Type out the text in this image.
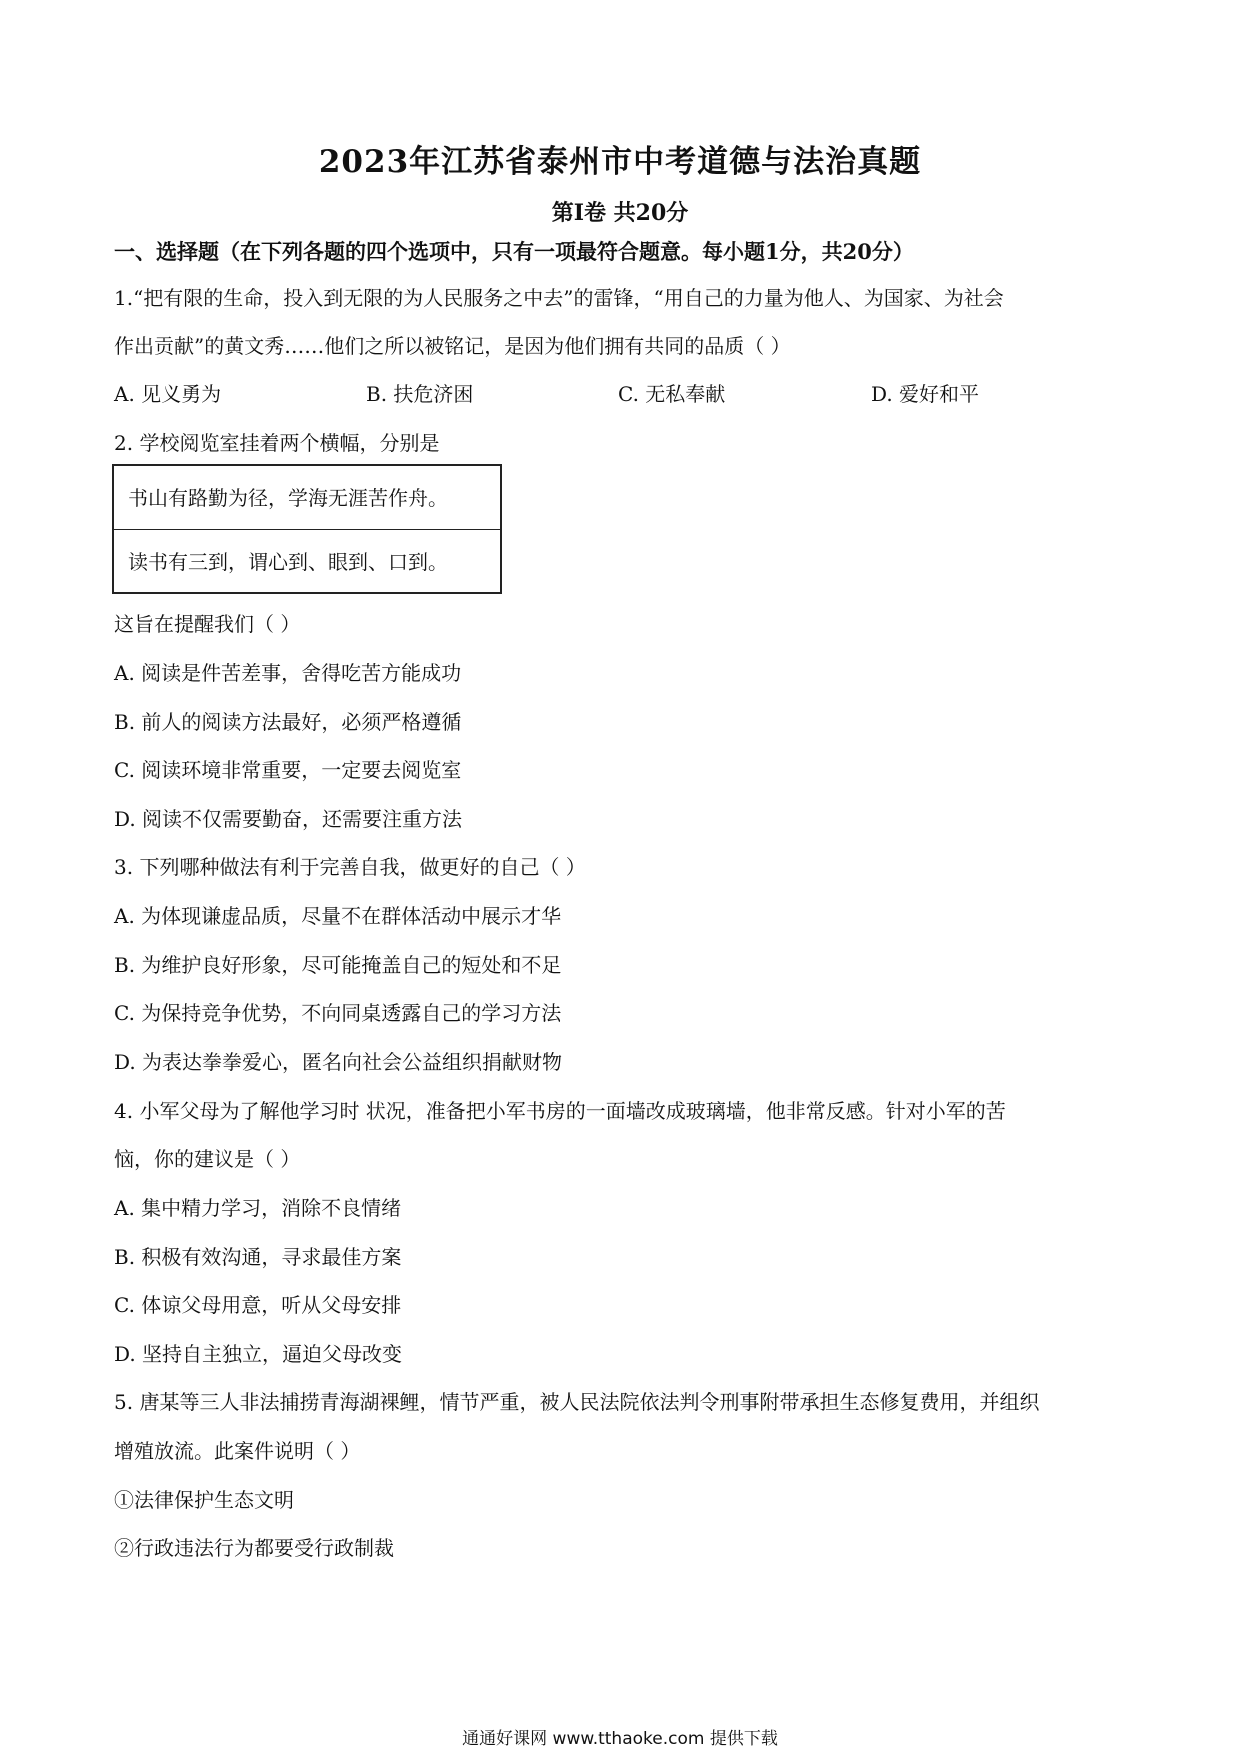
2023年江苏省泰州市中考道德与法治真题
第Ⅰ卷 共20分
一、选择题（在下列各题的四个选项中，只有一项最符合题意。每小题1分，共20分）
1.“把有限的生命，投入到无限的为人民服务之中去”的雷锋，“用自己的力量为他人、为国家、为社会
作出贡献”的黄文秀……他们之所以被铭记，是因为他们拥有共同的品质（ ）
A. 见义勇为	B. 扶危济困	C. 无私奉献	D. 爱好和平
2. 学校阅览室挂着两个横幅，分别是
书山有路勤为径，学海无涯苦作舟。
读书有三到，谓心到、眼到、口到。
这旨在提醒我们（ ）
A. 阅读是件苦差事，舍得吃苦方能成功
B. 前人的阅读方法最好，必须严格遵循
C. 阅读环境非常重要，一定要去阅览室
D. 阅读不仅需要勤奋，还需要注重方法
3. 下列哪种做法有利于完善自我，做更好的自己（ ）
A. 为体现谦虚品质，尽量不在群体活动中展示才华
B. 为维护良好形象，尽可能掩盖自己的短处和不足
C. 为保持竞争优势，不向同桌透露自己的学习方法
D. 为表达拳拳爱心，匿名向社会公益组织捐献财物
4. 小军父母为了解他学习时 状况，准备把小军书房的一面墙改成玻璃墙，他非常反感。针对小军的苦
恼，你的建议是（ ）
A. 集中精力学习，消除不良情绪
B. 积极有效沟通，寻求最佳方案
C. 体谅父母用意，听从父母安排
D. 坚持自主独立，逼迫父母改变
5. 唐某等三人非法捕捞青海湖裸鲤，情节严重，被人民法院依法判令刑事附带承担生态修复费用，并组织
增殖放流。此案件说明（ ）
①法律保护生态文明
②行政违法行为都要受行政制裁
通通好课网 www.tthaoke.com 提供下载
